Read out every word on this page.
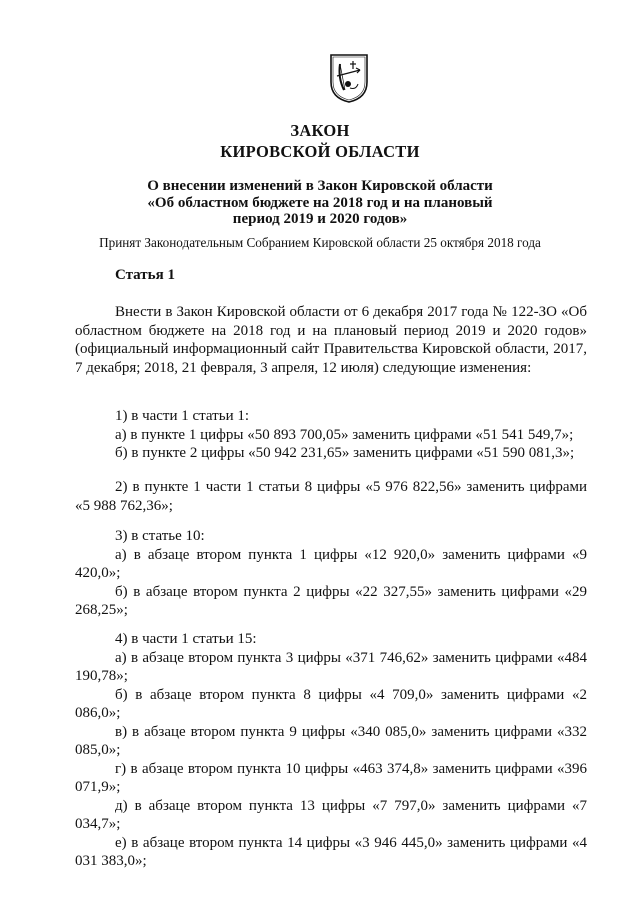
ЗАКОН
КИРОВСКОЙ ОБЛАСТИ
О внесении изменений в Закон Кировской области
«Об областном бюджете на 2018 год и на плановый
период 2019 и 2020 годов»
Принят Законодательным Собранием Кировской области 25 октября 2018 года
Статья 1

Внести в Закон Кировской области от 6 декабря 2017 года № 122-ЗО «Об областном бюджете на 2018 год и на плановый период 2019 и 2020 годов» (официальный информационный сайт Правительства Кировской области, 2017, 7 декабря; 2018, 21 февраля, 3 апреля, 12 июля) следующие изменения:

1) в части 1 статьи 1:

а) в пункте 1 цифры «50 893 700,05» заменить цифрами «51 541 549,7»;

б) в пункте 2 цифры «50 942 231,65» заменить цифрами «51 590 081,3»;

2) в пункте 1 части 1 статьи 8 цифры «5 976 822,56» заменить цифрами «5 988 762,36»;

3) в статье 10:

а) в абзаце втором пункта 1 цифры «12 920,0» заменить цифрами «9 420,0»;

б) в абзаце втором пункта 2 цифры «22 327,55» заменить цифрами «29 268,25»;

4) в части 1 статьи 15:

а) в абзаце втором пункта 3 цифры «371 746,62» заменить цифрами «484 190,78»;

б) в абзаце втором пункта 8 цифры «4 709,0» заменить цифрами «2 086,0»;

в) в абзаце втором пункта 9 цифры «340 085,0» заменить цифрами «332 085,0»;

г) в абзаце втором пункта 10 цифры «463 374,8» заменить цифрами «396 071,9»;

д) в абзаце втором пункта 13 цифры «7 797,0» заменить цифрами «7 034,7»;

е) в абзаце втором пункта 14 цифры «3 946 445,0» заменить цифрами «4 031 383,0»;
